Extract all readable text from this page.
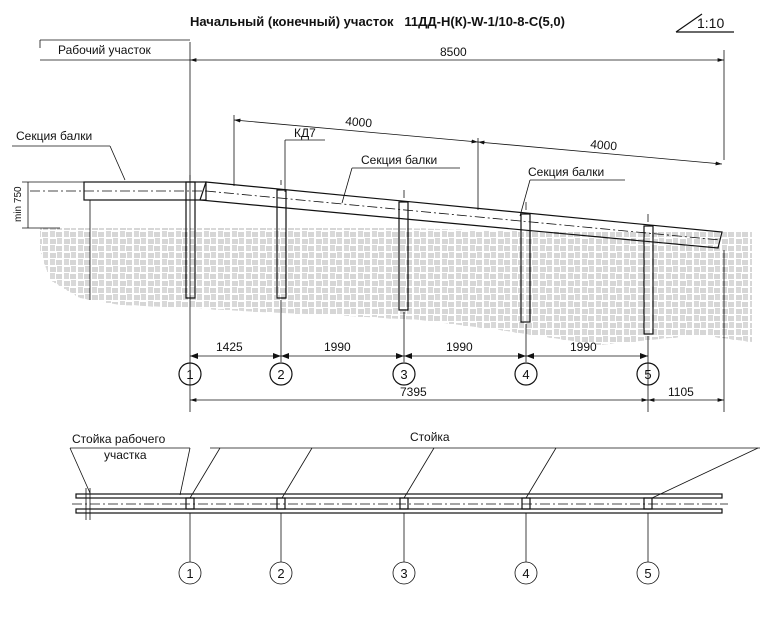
Начальный (конечный) участок   11ДД-Н(К)-W-1/10-8-С(5,0)	1:10
Рабочий участок	8500
Секция балки
min 750
4000
4000
КД7
Секция балки
Секция балки
1425	1990	1990	1990
1	2	3	4	5
7395	1105
Стойка рабочего
участка
Стойка
1	2	3	4	5
